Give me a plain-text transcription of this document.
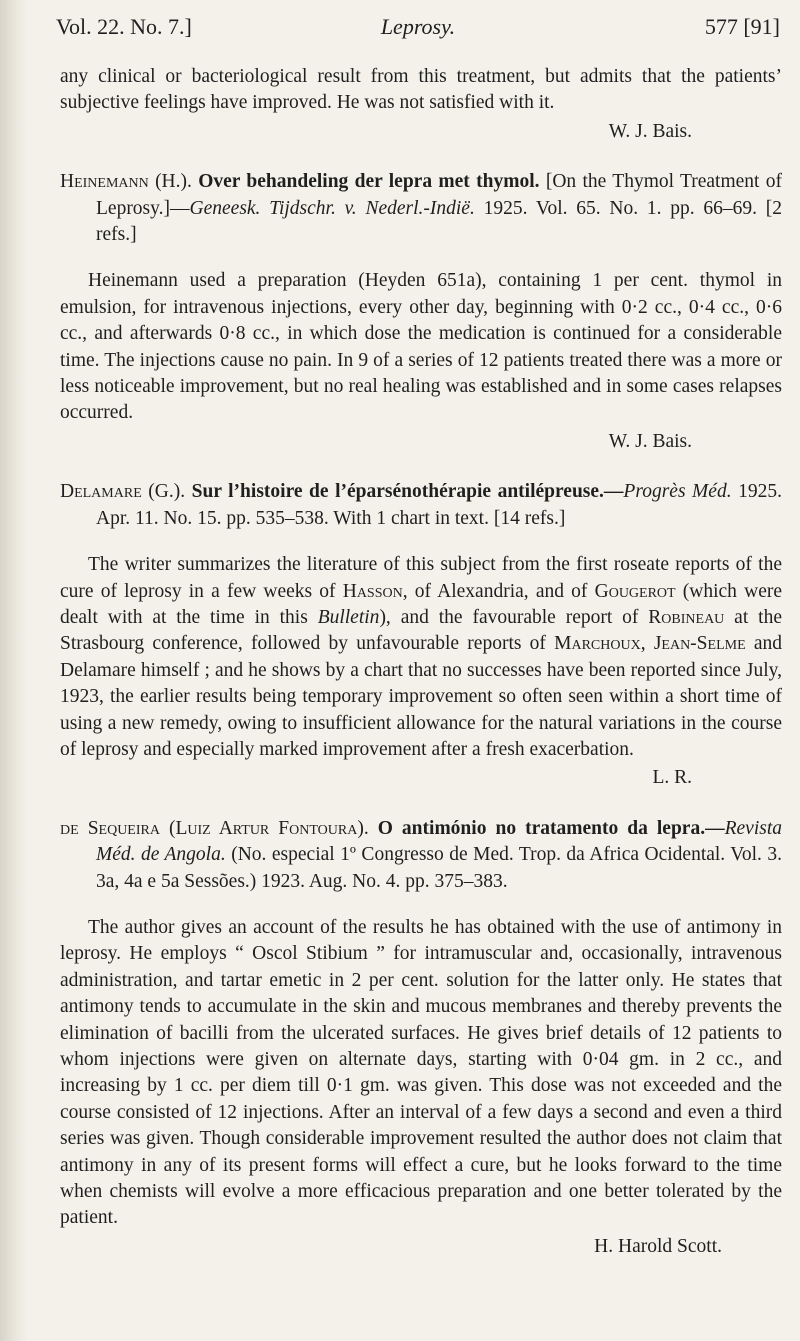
Vol. 22. No. 7.]	Leprosy.	577 [91]

any clinical or bacteriological result from this treatment, but admits that the patients’ subjective feelings have improved. He was not satisfied with it.

W. J. Bais.

Heinemann (H.). Over behandeling der lepra met thymol. [On the Thymol Treatment of Leprosy.]—Geneesk. Tijdschr. v. Nederl.-Indië. 1925. Vol. 65. No. 1. pp. 66–69. [2 refs.]

Heinemann used a preparation (Heyden 651a), containing 1 per cent. thymol in emulsion, for intravenous injections, every other day, beginning with 0·2 cc., 0·4 cc., 0·6 cc., and afterwards 0·8 cc., in which dose the medication is continued for a considerable time. The injections cause no pain. In 9 of a series of 12 patients treated there was a more or less noticeable improvement, but no real healing was established and in some cases relapses occurred.

W. J. Bais.

Delamare (G.). Sur l’histoire de l’éparsénothérapie antilépreuse.—Progrès Méd. 1925. Apr. 11. No. 15. pp. 535–538. With 1 chart in text. [14 refs.]

The writer summarizes the literature of this subject from the first roseate reports of the cure of leprosy in a few weeks of Hasson, of Alexandria, and of Gougerot (which were dealt with at the time in this Bulletin), and the favourable report of Robineau at the Strasbourg conference, followed by unfavourable reports of Marchoux, Jean-Selme and Delamare himself ; and he shows by a chart that no successes have been reported since July, 1923, the earlier results being temporary improvement so often seen within a short time of using a new remedy, owing to insufficient allowance for the natural variations in the course of leprosy and especially marked improvement after a fresh exacerbation.

L. R.

de Sequeira (Luiz Artur Fontoura). O antimónio no tratamento da lepra.—Revista Méd. de Angola. (No. especial 1º Congresso de Med. Trop. da Africa Ocidental. Vol. 3. 3a, 4a e 5a Sessões.) 1923. Aug. No. 4. pp. 375–383.

The author gives an account of the results he has obtained with the use of antimony in leprosy. He employs “ Oscol Stibium ” for intramuscular and, occasionally, intravenous administration, and tartar emetic in 2 per cent. solution for the latter only. He states that antimony tends to accumulate in the skin and mucous membranes and thereby prevents the elimination of bacilli from the ulcerated surfaces. He gives brief details of 12 patients to whom injections were given on alternate days, starting with 0·04 gm. in 2 cc., and increasing by 1 cc. per diem till 0·1 gm. was given. This dose was not exceeded and the course consisted of 12 injections. After an interval of a few days a second and even a third series was given. Though considerable improvement resulted the author does not claim that antimony in any of its present forms will effect a cure, but he looks forward to the time when chemists will evolve a more efficacious preparation and one better tolerated by the patient.

H. Harold Scott.
